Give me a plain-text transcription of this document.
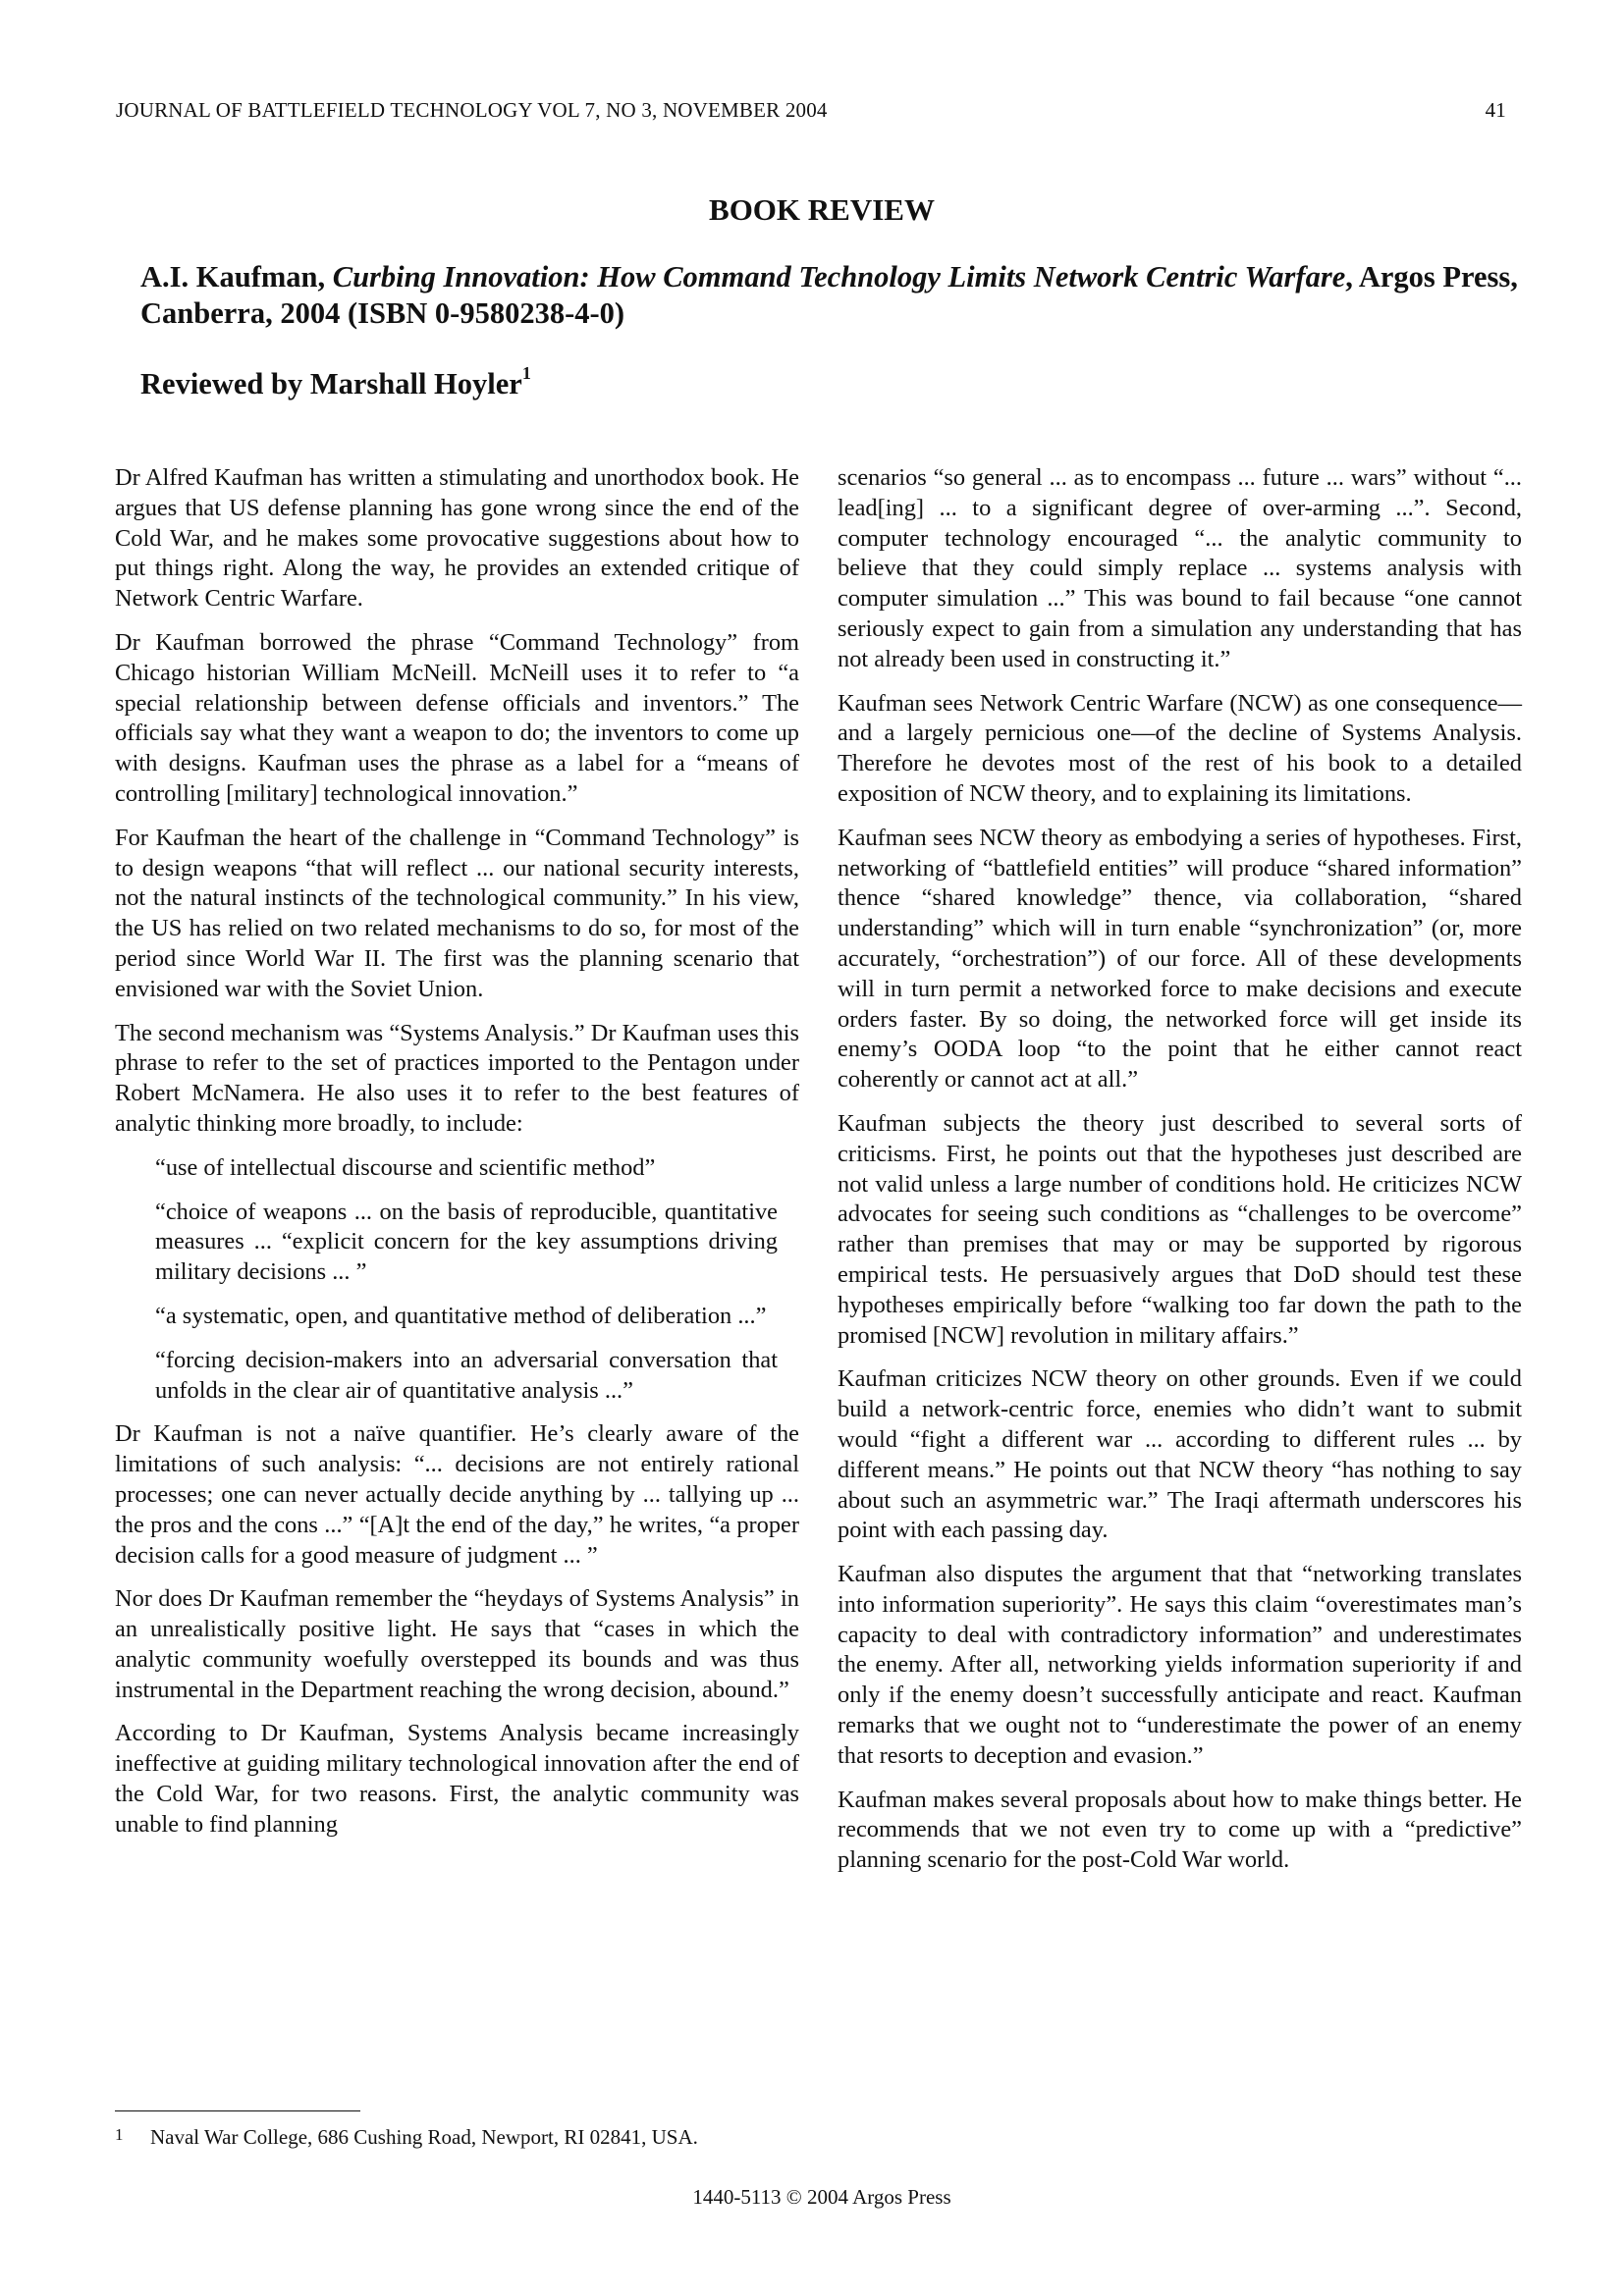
JOURNAL OF BATTLEFIELD TECHNOLOGY VOL 7, NO 3, NOVEMBER 2004	41
BOOK REVIEW
A.I. Kaufman, Curbing Innovation: How Command Technology Limits Network Centric Warfare, Argos Press, Canberra, 2004 (ISBN 0-9580238-4-0)
Reviewed by Marshall Hoyler$^1$

Dr Alfred Kaufman has written a stimulating and unorthodox book. He argues that US defense planning has gone wrong since the end of the Cold War, and he makes some provocative suggestions about how to put things right. Along the way, he provides an extended critique of Network Centric Warfare.

Dr Kaufman borrowed the phrase “Command Technology” from Chicago historian William McNeill. McNeill uses it to refer to “a special relationship between defense officials and inventors.” The officials say what they want a weapon to do; the inventors to come up with designs. Kaufman uses the phrase as a label for a “means of controlling [military] technological innovation.”

For Kaufman the heart of the challenge in “Command Technology” is to design weapons “that will reflect ... our national security interests, not the natural instincts of the technological community.” In his view, the US has relied on two related mechanisms to do so, for most of the period since World War II. The first was the planning scenario that envisioned war with the Soviet Union.

The second mechanism was “Systems Analysis.” Dr Kaufman uses this phrase to refer to the set of practices imported to the Pentagon under Robert McNamera. He also uses it to refer to the best features of analytic thinking more broadly, to include:

“use of intellectual discourse and scientific method”

“choice of weapons ... on the basis of reproducible, quantitative measures ... “explicit concern for the key assumptions driving military decisions ... ”

“a systematic, open, and quantitative method of deliberation ...”

“forcing decision-makers into an adversarial conversation that unfolds in the clear air of quantitative analysis ...”

Dr Kaufman is not a naïve quantifier. He’s clearly aware of the limitations of such analysis: “... decisions are not entirely rational processes; one can never actually decide anything by ... tallying up ... the pros and the cons ...” “[A]t the end of the day,” he writes, “a proper decision calls for a good measure of judgment ... ”

Nor does Dr Kaufman remember the “heydays of Systems Analysis” in an unrealistically positive light. He says that “cases in which the analytic community woefully overstepped its bounds and was thus instrumental in the Department reaching the wrong decision, abound.”

According to Dr Kaufman, Systems Analysis became increasingly ineffective at guiding military technological innovation after the end of the Cold War, for two reasons. First, the analytic community was unable to find planning

scenarios “so general ... as to encompass ... future ... wars” without “... lead[ing] ... to a significant degree of over-arming ...”. Second, computer technology encouraged “... the analytic community to believe that they could simply replace ... systems analysis with computer simulation ...” This was bound to fail because “one cannot seriously expect to gain from a simulation any understanding that has not already been used in constructing it.”

Kaufman sees Network Centric Warfare (NCW) as one consequence—and a largely pernicious one—of the decline of Systems Analysis. Therefore he devotes most of the rest of his book to a detailed exposition of NCW theory, and to explaining its limitations.

Kaufman sees NCW theory as embodying a series of hypotheses. First, networking of “battlefield entities” will produce “shared information” thence “shared knowledge” thence, via collaboration, “shared understanding” which will in turn enable “synchronization” (or, more accurately, “orchestration”) of our force. All of these developments will in turn permit a networked force to make decisions and execute orders faster. By so doing, the networked force will get inside its enemy’s OODA loop “to the point that he either cannot react coherently or cannot act at all.”

Kaufman subjects the theory just described to several sorts of criticisms. First, he points out that the hypotheses just described are not valid unless a large number of conditions hold. He criticizes NCW advocates for seeing such conditions as “challenges to be overcome” rather than premises that may or may be supported by rigorous empirical tests. He persuasively argues that DoD should test these hypotheses empirically before “walking too far down the path to the promised [NCW] revolution in military affairs.”

Kaufman criticizes NCW theory on other grounds. Even if we could build a network-centric force, enemies who didn’t want to submit would “fight a different war ... according to different rules ... by different means.” He points out that NCW theory “has nothing to say about such an asymmetric war.” The Iraqi aftermath underscores his point with each passing day.

Kaufman also disputes the argument that that “networking translates into information superiority”. He says this claim “overestimates man’s capacity to deal with contradictory information” and underestimates the enemy. After all, networking yields information superiority if and only if the enemy doesn’t successfully anticipate and react. Kaufman remarks that we ought not to “underestimate the power of an enemy that resorts to deception and evasion.”

Kaufman makes several proposals about how to make things better. He recommends that we not even try to come up with a “predictive” planning scenario for the post-Cold War world.

1 Naval War College, 686 Cushing Road, Newport, RI 02841, USA.
1440-5113 © 2004 Argos Press
